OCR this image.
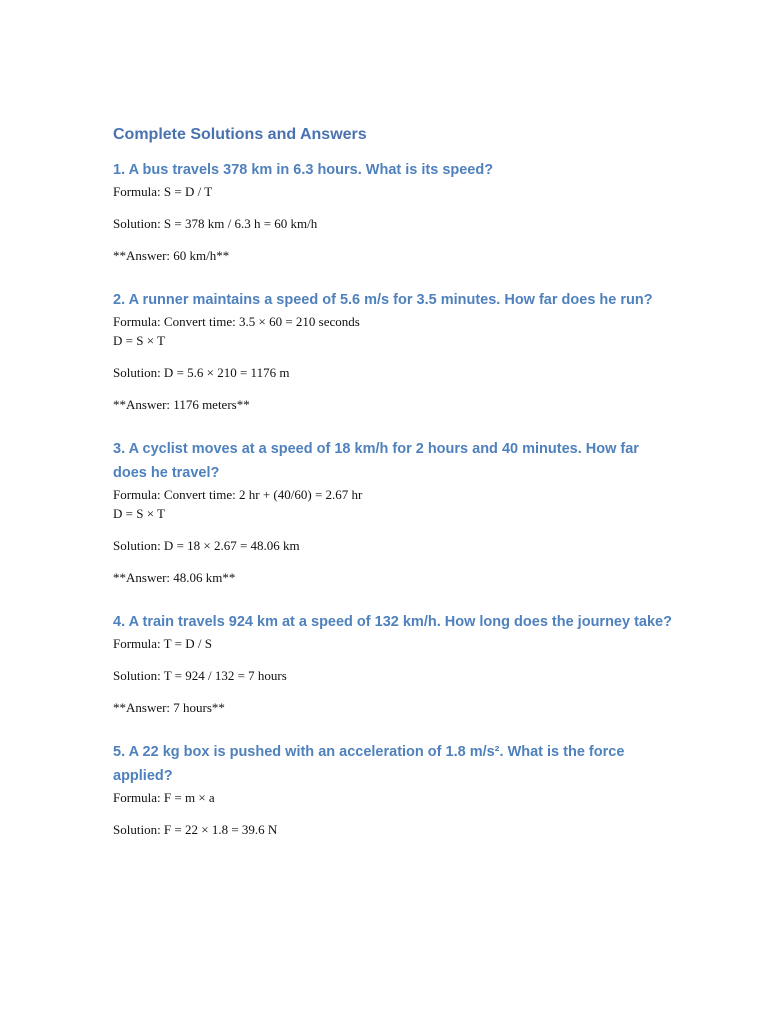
Complete Solutions and Answers
1. A bus travels 378 km in 6.3 hours. What is its speed?
Formula: S = D / T
Solution: S = 378 km / 6.3 h = 60 km/h
**Answer: 60 km/h**
2. A runner maintains a speed of 5.6 m/s for 3.5 minutes. How far does he run?
Formula: Convert time: 3.5 × 60 = 210 seconds
D = S × T
Solution: D = 5.6 × 210 = 1176 m
**Answer: 1176 meters**
3. A cyclist moves at a speed of 18 km/h for 2 hours and 40 minutes. How far does he travel?
Formula: Convert time: 2 hr + (40/60) = 2.67 hr
D = S × T
Solution: D = 18 × 2.67 = 48.06 km
**Answer: 48.06 km**
4. A train travels 924 km at a speed of 132 km/h. How long does the journey take?
Formula: T = D / S
Solution: T = 924 / 132 = 7 hours
**Answer: 7 hours**
5. A 22 kg box is pushed with an acceleration of 1.8 m/s². What is the force applied?
Formula: F = m × a
Solution: F = 22 × 1.8 = 39.6 N
